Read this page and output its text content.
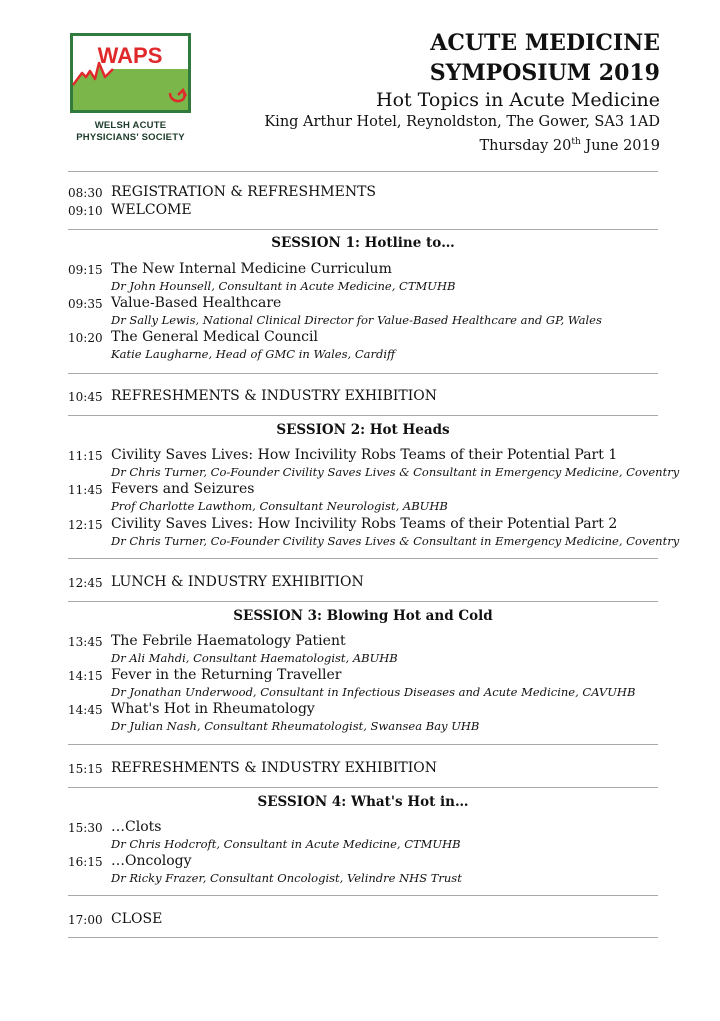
WAPS
WELSH ACUTE
PHYSICIANS' SOCIETY
ACUTE MEDICINE
SYMPOSIUM 2019
Hot Topics in Acute Medicine
King Arthur Hotel, Reynoldston, The Gower, SA3 1AD
Thursday 20th June 2019
08:30 REGISTRATION & REFRESHMENTS
09:10 WELCOME
SESSION 1: Hotline to…
09:15 The New Internal Medicine Curriculum
Dr John Hounsell, Consultant in Acute Medicine, CTMUHB
09:35 Value-Based Healthcare
Dr Sally Lewis, National Clinical Director for Value-Based Healthcare and GP, Wales
10:20 The General Medical Council
Katie Laugharne, Head of GMC in Wales, Cardiff
10:45 REFRESHMENTS & INDUSTRY EXHIBITION
SESSION 2: Hot Heads
11:15 Civility Saves Lives: How Incivility Robs Teams of their Potential Part 1
Dr Chris Turner, Co-Founder Civility Saves Lives & Consultant in Emergency Medicine, Coventry
11:45 Fevers and Seizures
Prof Charlotte Lawthom, Consultant Neurologist, ABUHB
12:15 Civility Saves Lives: How Incivility Robs Teams of their Potential Part 2
Dr Chris Turner, Co-Founder Civility Saves Lives & Consultant in Emergency Medicine, Coventry
12:45 LUNCH & INDUSTRY EXHIBITION
SESSION 3: Blowing Hot and Cold
13:45 The Febrile Haematology Patient
Dr Ali Mahdi, Consultant Haematologist, ABUHB
14:15 Fever in the Returning Traveller
Dr Jonathan Underwood, Consultant in Infectious Diseases and Acute Medicine, CAVUHB
14:45 What's Hot in Rheumatology
Dr Julian Nash, Consultant Rheumatologist, Swansea Bay UHB
15:15 REFRESHMENTS & INDUSTRY EXHIBITION
SESSION 4: What's Hot in…
15:30 …Clots
Dr Chris Hodcroft, Consultant in Acute Medicine, CTMUHB
16:15 …Oncology
Dr Ricky Frazer, Consultant Oncologist, Velindre NHS Trust
17:00 CLOSE
